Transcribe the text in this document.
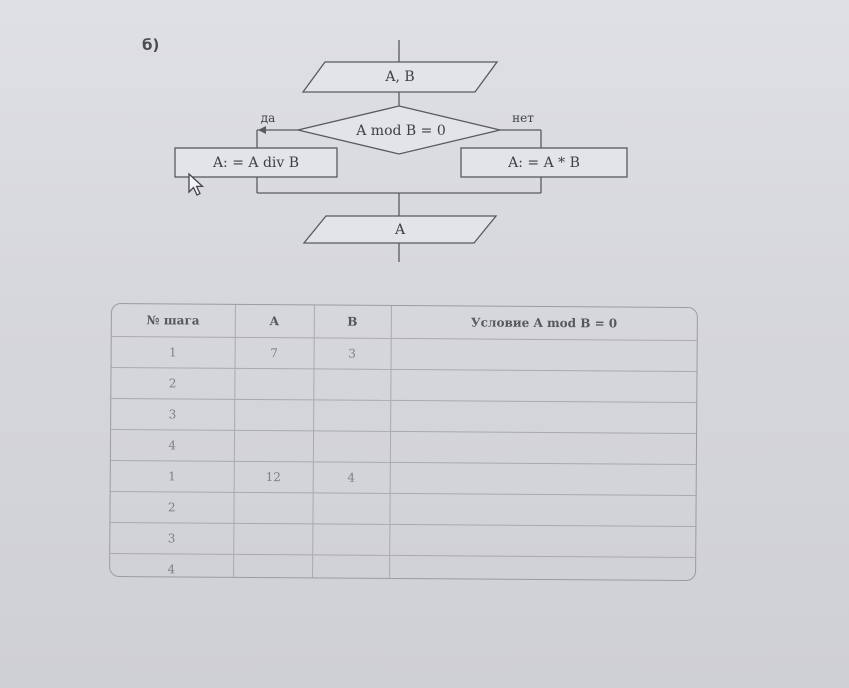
б)
A, B
A mod B = 0
да	нет
A: = A div B	A: = A * B
A
№ шага	A	B	Условие A mod B = 0
1	7	3	
2			
3			
4			
1	12	4	
2			
3			
4			
